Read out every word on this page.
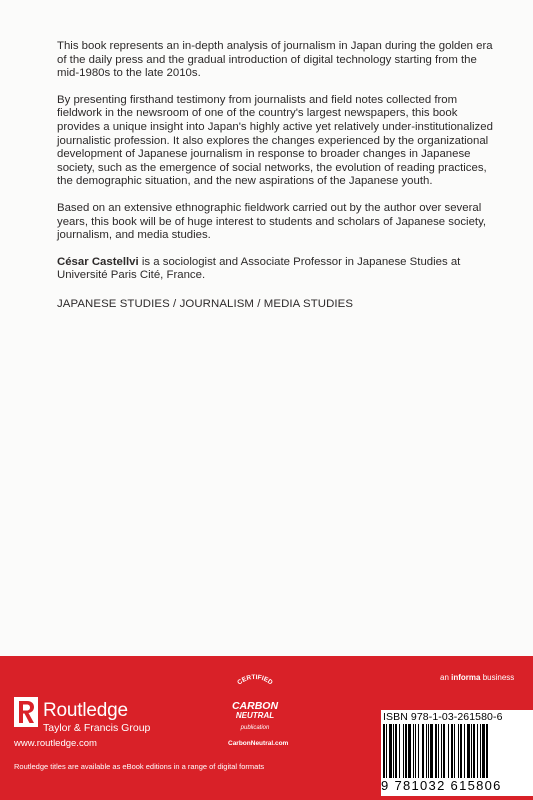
This book represents an in-depth analysis of journalism in Japan during the golden era of the daily press and the gradual introduction of digital technology starting from the mid-1980s to the late 2010s.

By presenting firsthand testimony from journalists and field notes collected from fieldwork in the newsroom of one of the country's largest newspapers, this book provides a unique insight into Japan's highly active yet relatively under-institutionalized journalistic profession. It also explores the changes experienced by the organizational development of Japanese journalism in response to broader changes in Japanese society, such as the emergence of social networks, the evolution of reading practices, the demographic situation, and the new aspirations of the Japanese youth.

Based on an extensive ethnographic fieldwork carried out by the author over several years, this book will be of huge interest to students and scholars of Japanese society, journalism, and media studies.

César Castellvi is a sociologist and Associate Professor in Japanese Studies at Université Paris Cité, France.

JAPANESE STUDIES / JOURNALISM / MEDIA STUDIES

Routledge
Taylor & Francis Group
www.routledge.com
CERTIFIED
CARBON
NEUTRAL
publication
CarbonNeutral.com
an informa business
ISBN 978-1-03-261580-6
9 781032 615806
Routledge titles are available as eBook editions in a range of digital formats
